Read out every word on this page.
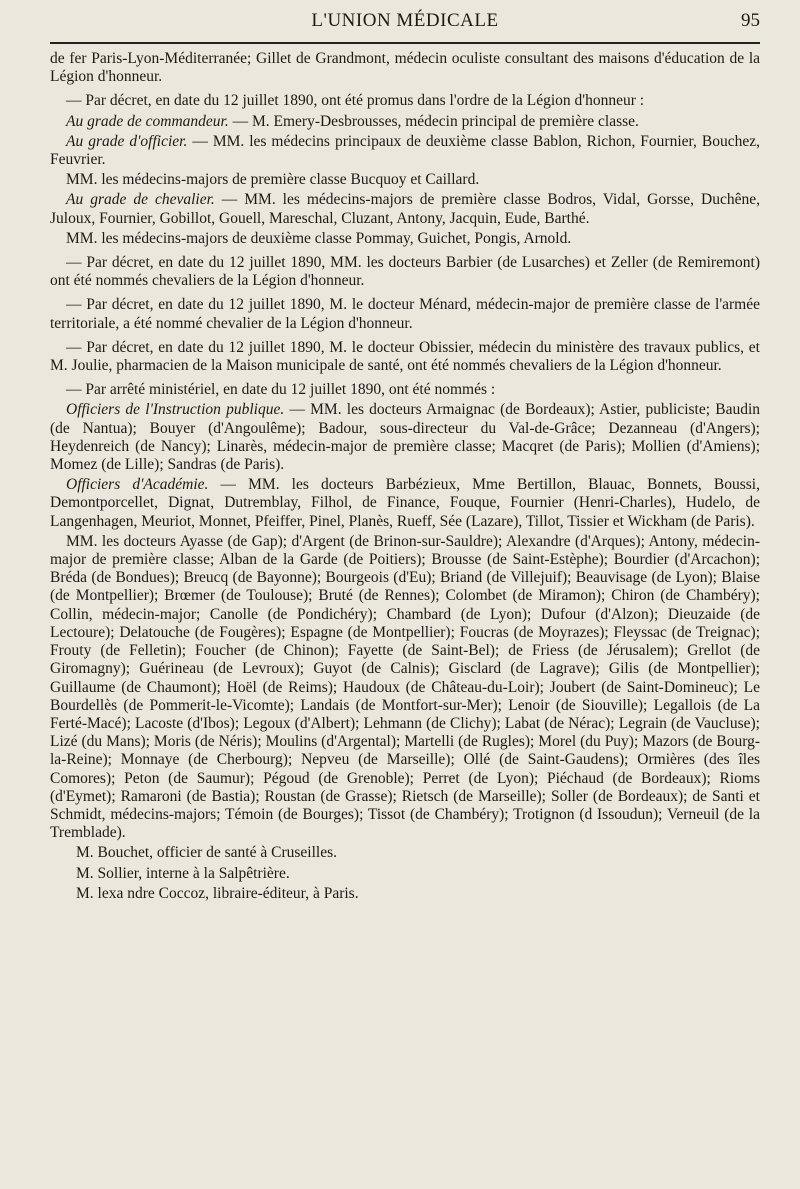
L'UNION MÉDICALE	95

de fer Paris-Lyon-Méditerranée; Gillet de Grandmont, médecin oculiste consultant des maisons d'éducation de la Légion d'honneur.

— Par décret, en date du 12 juillet 1890, ont été promus dans l'ordre de la Légion d'honneur :

Au grade de commandeur. — M. Emery-Desbrousses, médecin principal de première classe.

Au grade d'officier. — MM. les médecins principaux de deuxième classe Bablon, Richon, Fournier, Bouchez, Feuvrier.

MM. les médecins-majors de première classe Bucquoy et Caillard.

Au grade de chevalier. — MM. les médecins-majors de première classe Bodros, Vidal, Gorsse, Duchêne, Juloux, Fournier, Gobillot, Gouell, Mareschal, Cluzant, Antony, Jacquin, Eude, Barthé.

MM. les médecins-majors de deuxième classe Pommay, Guichet, Pongis, Arnold.

— Par décret, en date du 12 juillet 1890, MM. les docteurs Barbier (de Lusarches) et Zeller (de Remiremont) ont été nommés chevaliers de la Légion d'honneur.

— Par décret, en date du 12 juillet 1890, M. le docteur Ménard, médecin-major de première classe de l'armée territoriale, a été nommé chevalier de la Légion d'honneur.

— Par décret, en date du 12 juillet 1890, M. le docteur Obissier, médecin du ministère des travaux publics, et M. Joulie, pharmacien de la Maison municipale de santé, ont été nommés chevaliers de la Légion d'honneur.

— Par arrêté ministériel, en date du 12 juillet 1890, ont été nommés :

Officiers de l'Instruction publique. — MM. les docteurs Armaignac (de Bordeaux); Astier, publiciste; Baudin (de Nantua); Bouyer (d'Angoulême); Badour, sous-directeur du Val-de-Grâce; Dezanneau (d'Angers); Heydenreich (de Nancy); Linarès, médecin-major de première classe; Macqret (de Paris); Mollien (d'Amiens); Momez (de Lille); Sandras (de Paris).

Officiers d'Académie. — MM. les docteurs Barbézieux, Mme Bertillon, Blauac, Bonnets, Boussi, Demontporcellet, Dignat, Dutremblay, Filhol, de Finance, Fouque, Fournier (Henri-Charles), Hudelo, de Langenhagen, Meuriot, Monnet, Pfeiffer, Pinel, Planès, Rueff, Sée (Lazare), Tillot, Tissier et Wickham (de Paris).

MM. les docteurs Ayasse (de Gap); d'Argent (de Brinon-sur-Sauldre); Alexandre (d'Arques); Antony, médecin-major de première classe; Alban de la Garde (de Poitiers); Brousse (de Saint-Estèphe); Bourdier (d'Arcachon); Bréda (de Bondues); Breucq (de Bayonne); Bourgeois (d'Eu); Briand (de Villejuif); Beauvisage (de Lyon); Blaise (de Montpellier); Brœmer (de Toulouse); Bruté (de Rennes); Colombet (de Miramon); Chiron (de Chambéry); Collin, médecin-major; Canolle (de Pondichéry); Chambard (de Lyon); Dufour (d'Alzon); Dieuzaide (de Lectoure); Delatouche (de Fougères); Espagne (de Montpellier); Foucras (de Moyrazes); Fleyssac (de Treignac); Frouty (de Felletin); Foucher (de Chinon); Fayette (de Saint-Bel); de Friess (de Jérusalem); Grellot (de Giromagny); Guérineau (de Levroux); Guyot (de Calnis); Gisclard (de Lagrave); Gilis (de Montpellier); Guillaume (de Chaumont); Hoël (de Reims); Haudoux (de Château-du-Loir); Joubert (de Saint-Domineuc); Le Bourdellès (de Pommerit-le-Vicomte); Landais (de Montfort-sur-Mer); Lenoir (de Siouville); Legallois (de La Ferté-Macé); Lacoste (d'Ibos); Legoux (d'Albert); Lehmann (de Clichy); Labat (de Nérac); Legrain (de Vaucluse); Lizé (du Mans); Moris (de Néris); Moulins (d'Argental); Martelli (de Rugles); Morel (du Puy); Mazors (de Bourg-la-Reine); Monnaye (de Cherbourg); Nepveu (de Marseille); Ollé (de Saint-Gaudens); Ormières (des îles Comores); Peton (de Saumur); Pégoud (de Grenoble); Perret (de Lyon); Piéchaud (de Bordeaux); Rioms (d'Eymet); Ramaroni (de Bastia); Roustan (de Grasse); Rietsch (de Marseille); Soller (de Bordeaux); de Santi et Schmidt, médecins-majors; Témoin (de Bourges); Tissot (de Chambéry); Trotignon (d Issoudun); Verneuil (de la Tremblade).

M. Bouchet, officier de santé à Cruseilles.

M. Sollier, interne à la Salpêtrière.

M. lexa ndre Coccoz, libraire-éditeur, à Paris.
